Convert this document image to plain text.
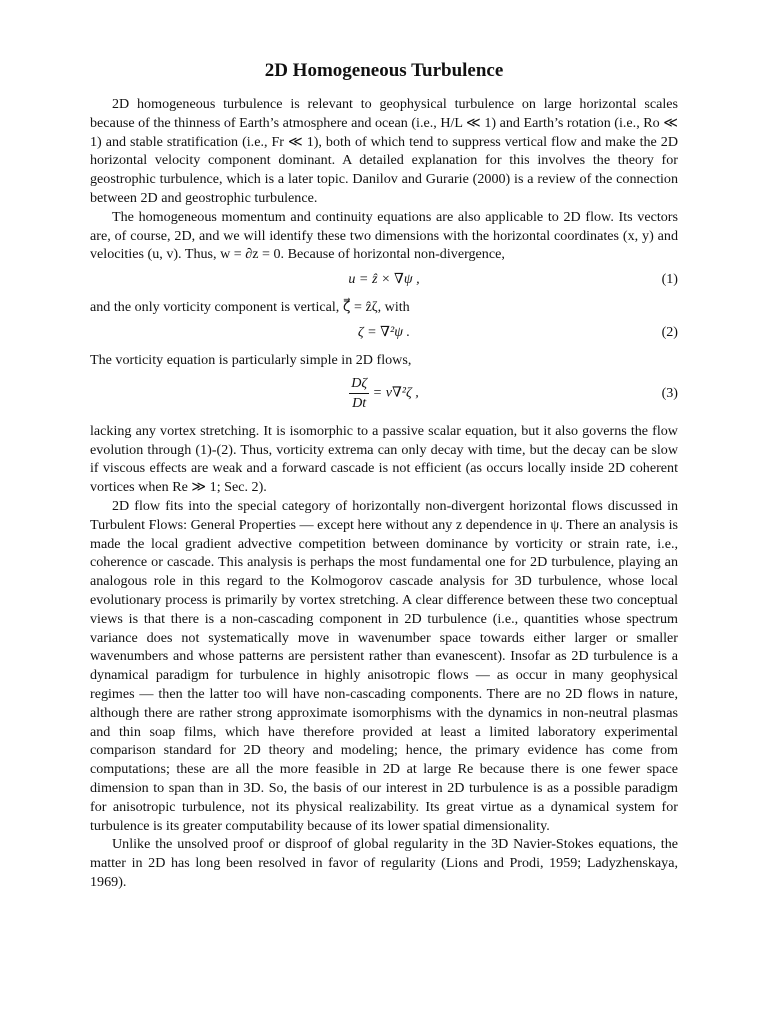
2D Homogeneous Turbulence

2D homogeneous turbulence is relevant to geophysical turbulence on large horizontal scales because of the thinness of Earth’s atmosphere and ocean (i.e., H/L ≪ 1) and Earth’s rotation (i.e., Ro ≪ 1) and stable stratification (i.e., Fr ≪ 1), both of which tend to suppress vertical flow and make the 2D horizontal velocity component dominant. A detailed explanation for this involves the theory for geostrophic turbulence, which is a later topic. Danilov and Gurarie (2000) is a review of the connection between 2D and geostrophic turbulence.

The homogeneous momentum and continuity equations are also applicable to 2D flow. Its vectors are, of course, 2D, and we will identify these two dimensions with the horizontal coordinates (x, y) and velocities (u, v). Thus, w = ∂z = 0. Because of horizontal non-divergence,

u = ẑ × ∇ψ ,	(1)

and the only vorticity component is vertical, ζ⃗ = ẑζ, with

ζ = ∇²ψ .	(2)

The vorticity equation is particularly simple in 2D flows,

$\frac{D\zeta}{Dt} = \nu\nabla^2\zeta$ ,	(3)

lacking any vortex stretching. It is isomorphic to a passive scalar equation, but it also governs the flow evolution through (1)-(2). Thus, vorticity extrema can only decay with time, but the decay can be slow if viscous effects are weak and a forward cascade is not efficient (as occurs locally inside 2D coherent vortices when Re ≫ 1; Sec. 2).

2D flow fits into the special category of horizontally non-divergent horizontal flows discussed in Turbulent Flows: General Properties — except here without any z dependence in ψ. There an analysis is made the local gradient advective competition between dominance by vorticity or strain rate, i.e., coherence or cascade. This analysis is perhaps the most fundamental one for 2D turbulence, playing an analogous role in this regard to the Kolmogorov cascade analysis for 3D turbulence, whose local evolutionary process is primarily by vortex stretching. A clear difference between these two conceptual views is that there is a non-cascading component in 2D turbulence (i.e., quantities whose spectrum variance does not systematically move in wavenumber space towards either larger or smaller wavenumbers and whose patterns are persistent rather than evanescent). Insofar as 2D turbulence is a dynamical paradigm for turbulence in highly anisotropic flows — as occur in many geophysical regimes — then the latter too will have non-cascading components. There are no 2D flows in nature, although there are rather strong approximate isomorphisms with the dynamics in non-neutral plasmas and thin soap films, which have therefore provided at least a limited laboratory experimental comparison standard for 2D theory and modeling; hence, the primary evidence has come from computations; these are all the more feasible in 2D at large Re because there is one fewer space dimension to span than in 3D. So, the basis of our interest in 2D turbulence is as a possible paradigm for anisotropic turbulence, not its physical realizability. Its great virtue as a dynamical system for turbulence is its greater computability because of its lower spatial dimensionality.

Unlike the unsolved proof or disproof of global regularity in the 3D Navier-Stokes equations, the matter in 2D has long been resolved in favor of regularity (Lions and Prodi, 1959; Ladyzhenskaya, 1969).
